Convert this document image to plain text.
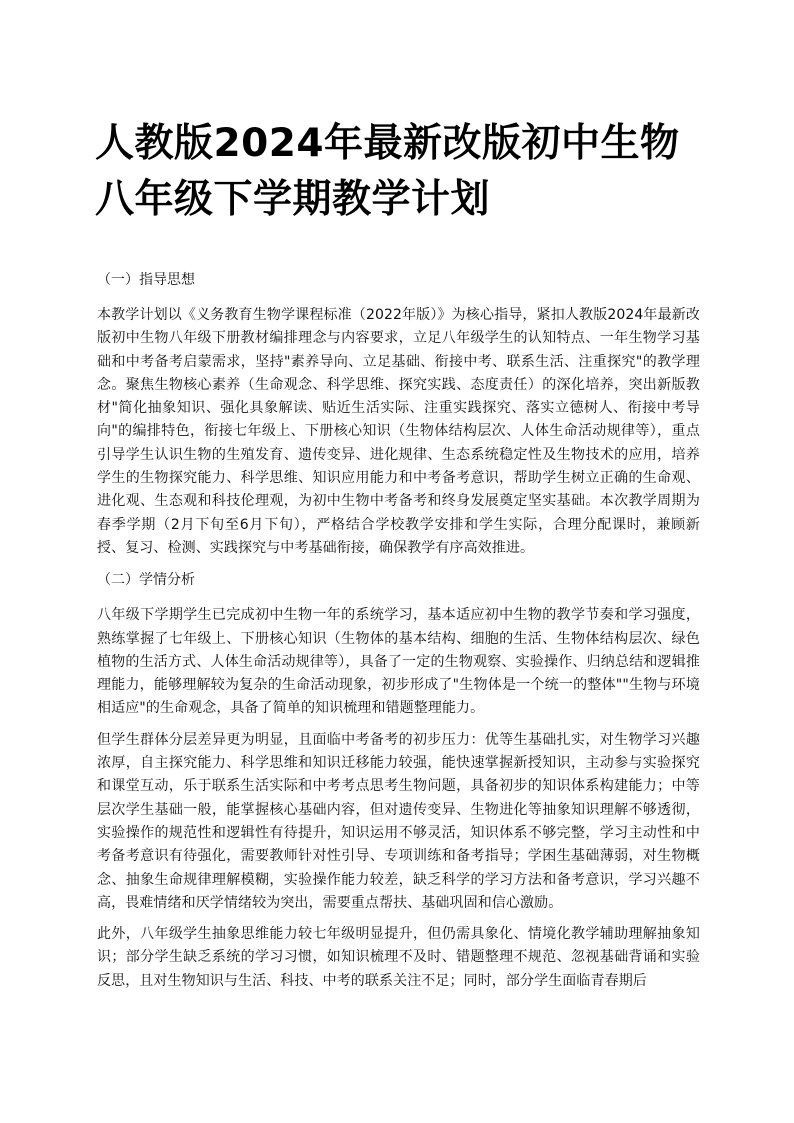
人教版2024年最新改版初中生物八年级下学期教学计划
（一）指导思想

本教学计划以《义务教育生物学课程标准（2022年版）》为核心指导，紧扣人教版2024年最新改版初中生物八年级下册教材编排理念与内容要求，立足八年级学生的认知特点、一年生物学习基础和中考备考启蒙需求，坚持"素养导向、立足基础、衔接中考、联系生活、注重探究"的教学理念。聚焦生物核心素养（生命观念、科学思维、探究实践、态度责任）的深化培养，突出新版教材"简化抽象知识、强化具象解读、贴近生活实际、注重实践探究、落实立德树人、衔接中考导向"的编排特色，衔接七年级上、下册核心知识（生物体结构层次、人体生命活动规律等），重点引导学生认识生物的生殖发育、遗传变异、进化规律、生态系统稳定性及生物技术的应用，培养学生的生物探究能力、科学思维、知识应用能力和中考备考意识，帮助学生树立正确的生命观、进化观、生态观和科技伦理观，为初中生物中考备考和终身发展奠定坚实基础。本次教学周期为春季学期（2月下旬至6月下旬），严格结合学校教学安排和学生实际，合理分配课时，兼顾新授、复习、检测、实践探究与中考基础衔接，确保教学有序高效推进。

（二）学情分析

八年级下学期学生已完成初中生物一年的系统学习，基本适应初中生物的教学节奏和学习强度，熟练掌握了七年级上、下册核心知识（生物体的基本结构、细胞的生活、生物体结构层次、绿色植物的生活方式、人体生命活动规律等），具备了一定的生物观察、实验操作、归纳总结和逻辑推理能力，能够理解较为复杂的生命活动现象，初步形成了"生物体是一个统一的整体""生物与环境相适应"的生命观念，具备了简单的知识梳理和错题整理能力。

但学生群体分层差异更为明显，且面临中考备考的初步压力：优等生基础扎实，对生物学习兴趣浓厚，自主探究能力、科学思维和知识迁移能力较强，能快速掌握新授知识，主动参与实验探究和课堂互动，乐于联系生活实际和中考考点思考生物问题，具备初步的知识体系构建能力；中等层次学生基础一般，能掌握核心基础内容，但对遗传变异、生物进化等抽象知识理解不够透彻，实验操作的规范性和逻辑性有待提升，知识运用不够灵活，知识体系不够完整，学习主动性和中考备考意识有待强化，需要教师针对性引导、专项训练和备考指导；学困生基础薄弱，对生物概念、抽象生命规律理解模糊，实验操作能力较差，缺乏科学的学习方法和备考意识，学习兴趣不高，畏难情绪和厌学情绪较为突出，需要重点帮扶、基础巩固和信心激励。

此外，八年级学生抽象思维能力较七年级明显提升，但仍需具象化、情境化教学辅助理解抽象知识；部分学生缺乏系统的学习习惯，如知识梳理不及时、错题整理不规范、忽视基础背诵和实验反思，且对生物知识与生活、科技、中考的联系关注不足；同时，部分学生面临青春期后
